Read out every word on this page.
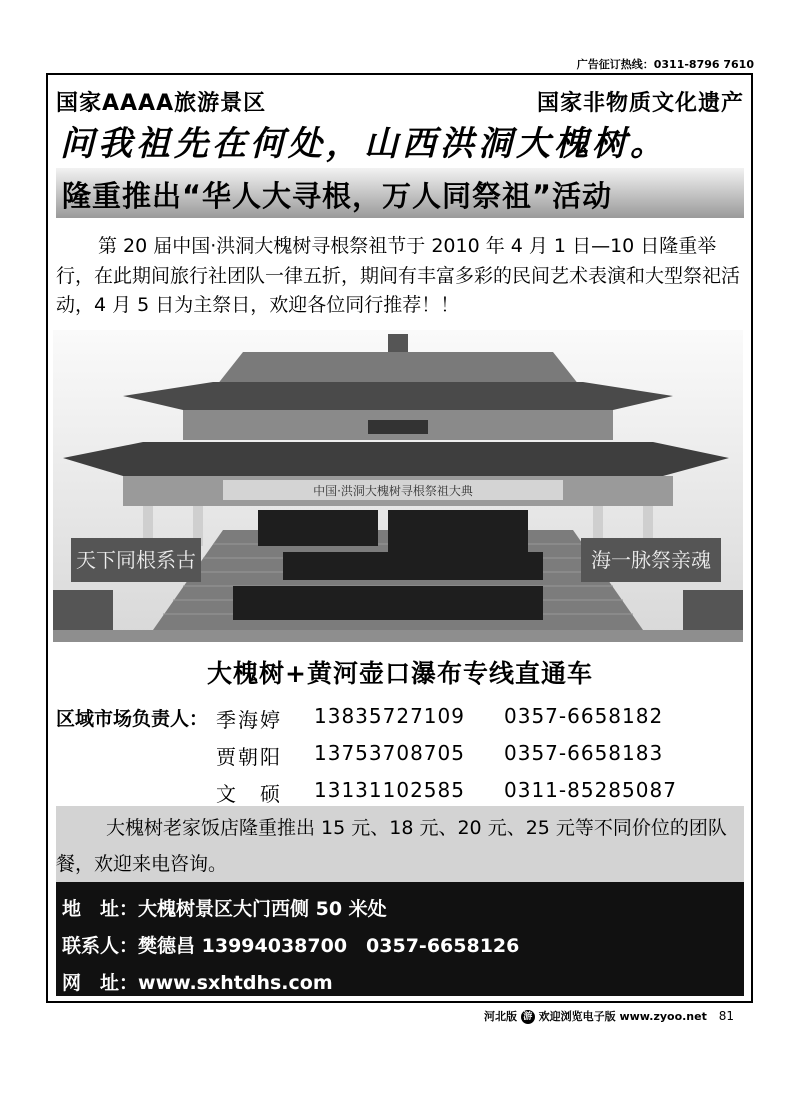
广告征订热线：0311-8796 7610
国家AAAA旅游景区	国家非物质文化遗产
问我祖先在何处，山西洪洞大槐树。
隆重推出“华人大寻根，万人同祭祖”活动

第 20 届中国·洪洞大槐树寻根祭祖节于 2010 年 4 月 1 日—10 日隆重举行，在此期间旅行社团队一律五折，期间有丰富多彩的民间艺术表演和大型祭祀活动，4 月 5 日为主祭日，欢迎各位同行推荐！！

中国·洪洞大槐树寻根祭祖大典
天下同根系古	海一脉祭亲魂
大槐树+黄河壶口瀑布专线直通车
区域市场负责人： 季海婷 13835727109 0357-6658182
贾朝阳 13753708705 0357-6658183
文　硕 13131102585 0311-85285087

大槐树老家饭店隆重推出 15 元、18 元、20 元、25 元等不同价位的团队餐，欢迎来电咨询。

地　址：大槐树景区大门西侧 50 米处
联系人：樊德昌 13994038700　0357-6658126
网　址：www.sxhtdhs.com
河北版 游 欢迎浏览电子版 www.zyoo.net 81
